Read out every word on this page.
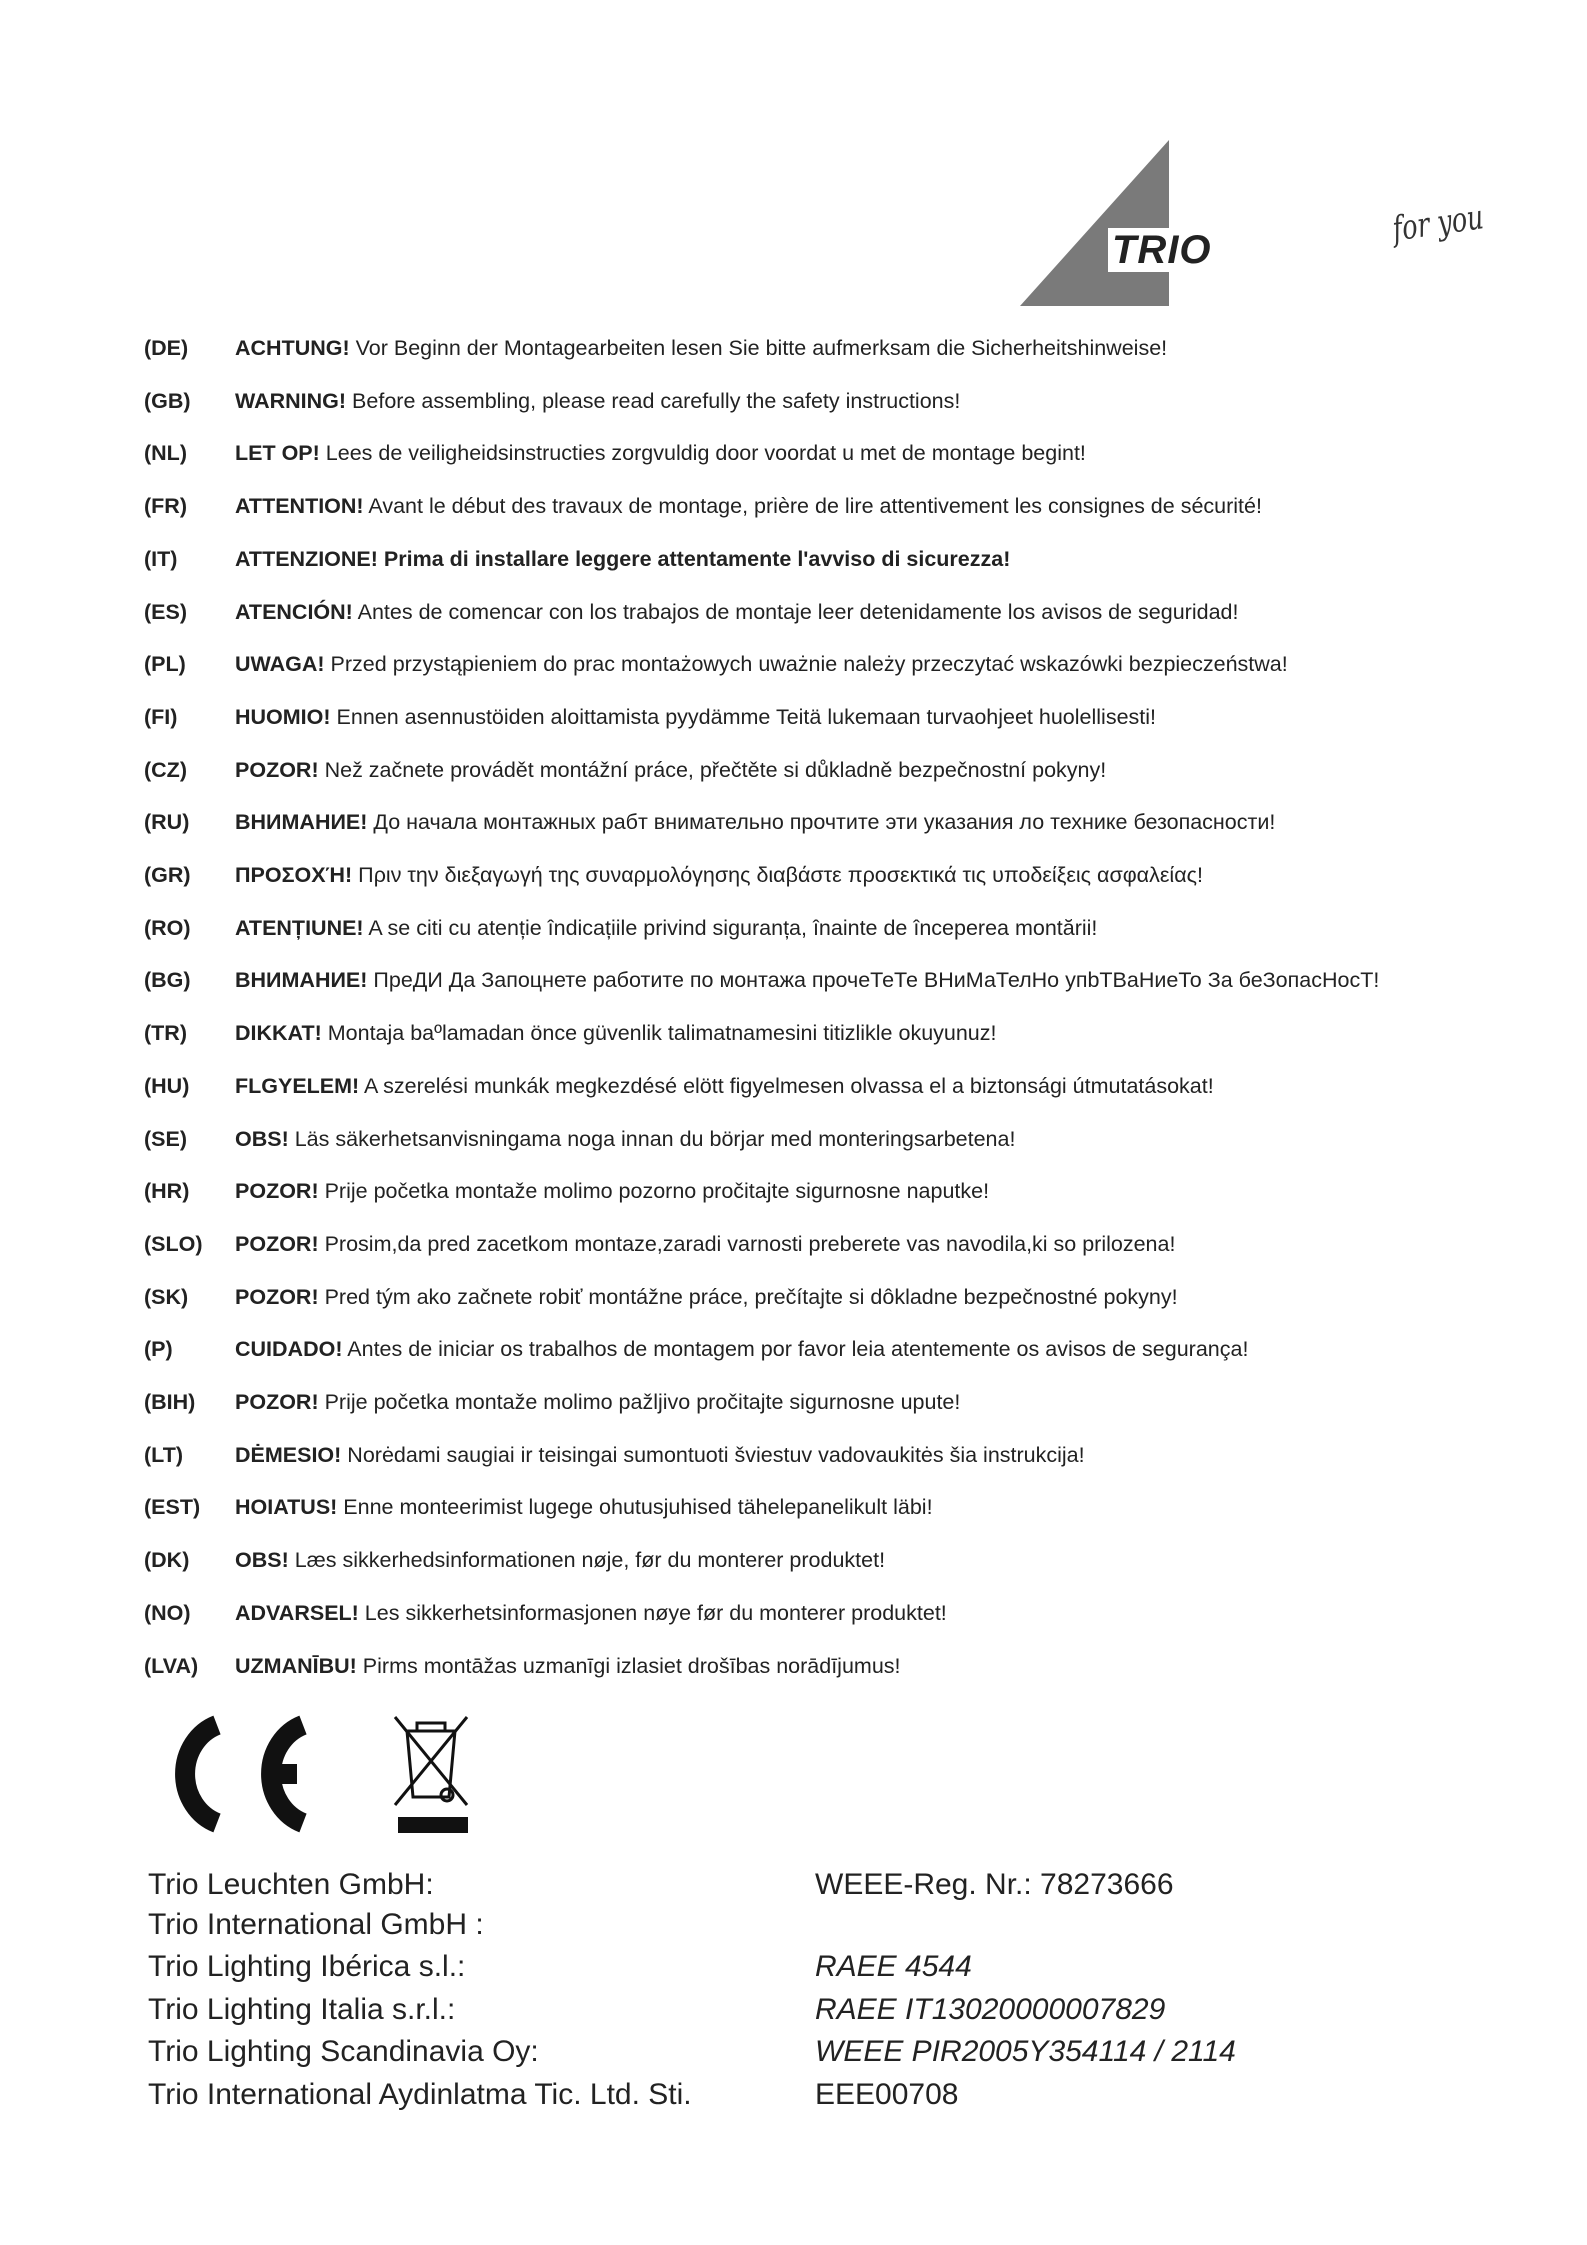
TRIO
for you
(DE) ACHTUNG! Vor Beginn der Montagearbeiten lesen Sie bitte aufmerksam die Sicherheitshinweise!
(GB) WARNING! Before assembling, please read carefully the safety instructions!
(NL) LET OP! Lees de veiligheidsinstructies zorgvuldig door voordat u met de montage begint!
(FR) ATTENTION! Avant le début des travaux de montage, prière de lire attentivement les consignes de sécurité!
(IT)	ATTENZIONE! Prima di installare leggere attentamente l'avviso di sicurezza!
(ES) ATENCIÓN! Antes de comencar con los trabajos de montaje leer detenidamente los avisos de seguridad!
(PL) UWAGA! Przed przystąpieniem do prac montażowych uważnie należy przeczytać wskazówki bezpieczeństwa!
(FI)	HUOMIO! Ennen asennustöiden aloittamista pyydämme Teitä lukemaan turvaohjeet huolellisesti!
(CZ) POZOR! Než začnete provádět montážní práce, přečtěte si důkladně bezpečnostní pokyny!
(RU) ВНИМАНИЕ! До начала монтажных рабт внимательно прочтите эти указания ло технике безопасности!
(GR) ΠΡΟΣΟΧΉ! Πριν την διεξαγωγή της συναρμολόγησης διαβάστε προσεκτικά τις υποδείξεις ασφαλείας!
(RO) ATENȚIUNE! A se citi cu atenție îndicațiile privind siguranța, înainte de începerea montării!
(BG) ВНИМАНИЕ! ПреДИ Да Запоцнете работите по монтажа прочеТеТе ВНиМаТелНо упbТВаНиеТо За беЗопасНосТ!
(TR) DIKKAT! Montaja baºlamadan önce güvenlik talimatnamesini titizlikle okuyunuz!
(HU) FLGYELEM! A szerelési munkák megkezdésé elött figyelmesen olvassa el a biztonsági útmutatásokat!
(SE) OBS! Läs säkerhetsanvisningama noga innan du börjar med monteringsarbetena!
(HR) POZOR! Prije početka montaže molimo pozorno pročitajte sigurnosne naputke!
(SLO) POZOR! Prosim,da pred zacetkom montaze,zaradi varnosti preberete vas navodila,ki so prilozena!
(SK) POZOR! Pred tým ako začnete robiť montážne práce, prečítajte si dôkladne bezpečnostné pokyny!
(P)	CUIDADO! Antes de iniciar os trabalhos de montagem por favor leia atentemente os avisos de segurança!
(BIH) POZOR! Prije početka montaže molimo pažljivo pročitajte sigurnosne upute!
(LT) DĖMESIO! Norėdami saugiai ir teisingai sumontuoti šviestuv vadovaukitės šia instrukcija!
(EST) HOIATUS! Enne monteerimist lugege ohutusjuhised tähelepanelikult läbi!
(DK) OBS! Læs sikkerhedsinformationen nøje, før du monterer produktet!
(NO) ADVARSEL! Les sikkerhetsinformasjonen nøye før du monterer produktet!
(LVA) UZMANĪBU! Pirms montāžas uzmanīgi izlasiet drošības norādījumus!
Trio Leuchten GmbH:	WEEE-Reg. Nr.: 78273666
Trio International GmbH :
Trio Lighting Ibérica s.l.:	RAEE 4544
Trio Lighting Italia s.r.l.:	RAEE IT13020000007829
Trio Lighting Scandinavia Oy:	WEEE PIR2005Y354114 / 2114
Trio International Aydinlatma Tic. Ltd. Sti.	EEE00708
